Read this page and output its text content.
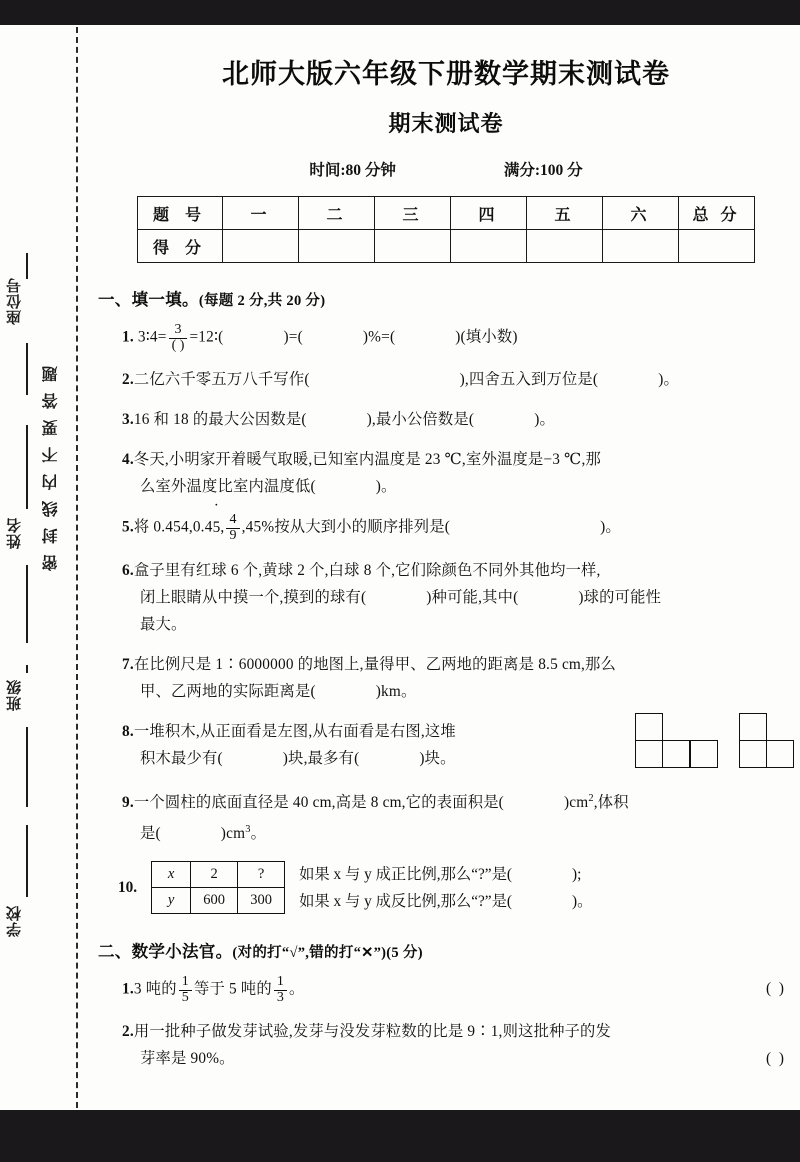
密封线内不要答题
座位号
姓名
班级
学校
北师大版六年级下册数学期末测试卷
期末测试卷
时间:80 分钟	满分:100 分
题 号	一	二	三	四	五	六	总 分
得 分							
一、填一填。(每题 2 分,共 20 分)
1. 3∶4= $\frac{3}{( )}$ =12∶(	)=(	)%=(	)(填小数)
2.二亿六千零五万八千写作(	),四舍五入到万位是(	)。
3.16 和 18 的最大公因数是(	),最小公倍数是(	)。
4.冬天,小明家开着暖气取暖,已知室内温度是 23 ℃,室外温度是−3 ℃,那
么室外温度比室内温度低(	)。
5.将 0.454,0.45 ˙, $\frac{4}{9} ,45\%$按从大到小的顺序排列是(	)。
6.盒子里有红球 6 个,黄球 2 个,白球 8 个,它们除颜色不同外其他均一样,
闭上眼睛从中摸一个,摸到的球有(	)种可能,其中(	)球的可能性
最大。
7.在比例尺是 1∶6000000 的地图上,量得甲、乙两地的距离是 8.5 cm,那么
甲、乙两地的实际距离是(	)km。
8.一堆积木,从正面看是左图,从右面看是右图,这堆
积木最少有(	)块,最多有(	)块。
9.一个圆柱的底面直径是 40 cm,高是 8 cm,它的表面积是(	)$cm^2$,体积
是(	)$cm^3$。
10.
x	2	?
y	600	300
如果 x 与 y 成正比例,那么“?”是(	);
如果 x 与 y 成反比例,那么“?”是(	)。
二、数学小法官。(对的打“√”,错的打“✕”)(5 分)
( )
1.3 吨的 $\frac{1}{5}$ 等于 5 吨的 $\frac{1}{3}$ 。
2.用一批种子做发芽试验,发芽与没发芽粒数的比是 9∶1,则这批种子的发
( )
芽率是 90%。
